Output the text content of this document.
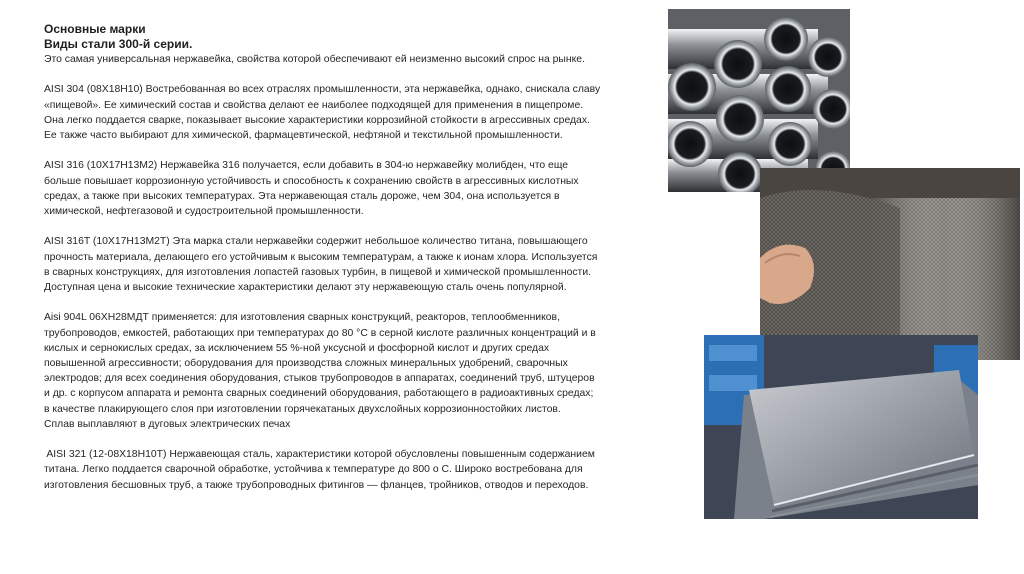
Основные марки
Виды стали 300-й серии.
Это самая универсальная нержавейка, свойства которой обеспечивают ей неизменно высокий спрос на рынке.
AISI 304 (08Х18Н10) Востребованная во всех отраслях промышленности, эта нержавейка, однако, снискала славу
«пищевой». Ее химический состав и свойства делают ее наиболее подходящей для применения в пищепроме.
Она легко поддается сварке, показывает высокие характеристики коррозийной стойкости в агрессивных средах.
Ее также часто выбирают для химической, фармацевтической, нефтяной и текстильной промышленности.
AISI 316 (10Х17Н13М2) Нержавейка 316 получается, если добавить в 304-ю нержавейку молибден, что еще
больше повышает коррозионную устойчивость и способность к сохранению свойств в агрессивных кислотных
средах, а также при высоких температурах. Эта нержавеющая сталь дороже, чем 304, она используется в
химической, нефтегазовой и судостроительной промышленности.
AISI 316T (10Х17Н13М2Т) Эта марка стали нержавейки содержит небольшое количество титана, повышающего
прочность материала, делающего его устойчивым к высоким температурам, а также к ионам хлора. Используется
в сварных конструкциях, для изготовления лопастей газовых турбин, в пищевой и химической промышленности.
Доступная цена и высокие технические характеристики делают эту нержавеющую сталь очень популярной.
Aisi 904L 06ХН28МДТ применяется: для изготовления сварных конструкций, реакторов, теплообменников,
трубопроводов, емкостей, работающих при температурах до 80 °С в серной кислоте различных концентраций и в
кислых и сернокислых средах, за исключением 55 %-ной уксусной и фосфорной кислот и других средах
повышенной агрессивности; оборудования для производства сложных минеральных удобрений, сварочных
электродов; для всех соединения оборудования, стыков трубопроводов в аппаратах, соединений труб, штуцеров
и др. с корпусом аппарата и ремонта сварных соединений оборудования, работающего в радиоактивных средах;
в качестве плакирующего слоя при изготовлении горячекатаных двухслойных коррозионностойких листов.
Сплав выплавляют в дуговых электрических печах
AISI 321 (12-08Х18Н10Т) Нержавеющая сталь, характеристики которой обусловлены повышенным содержанием
титана. Легко поддается сварочной обработке, устойчива к температуре до 800 о С. Широко востребована для
изготовления бесшовных труб, а также трубопроводных фитингов — фланцев, тройников, отводов и переходов.
